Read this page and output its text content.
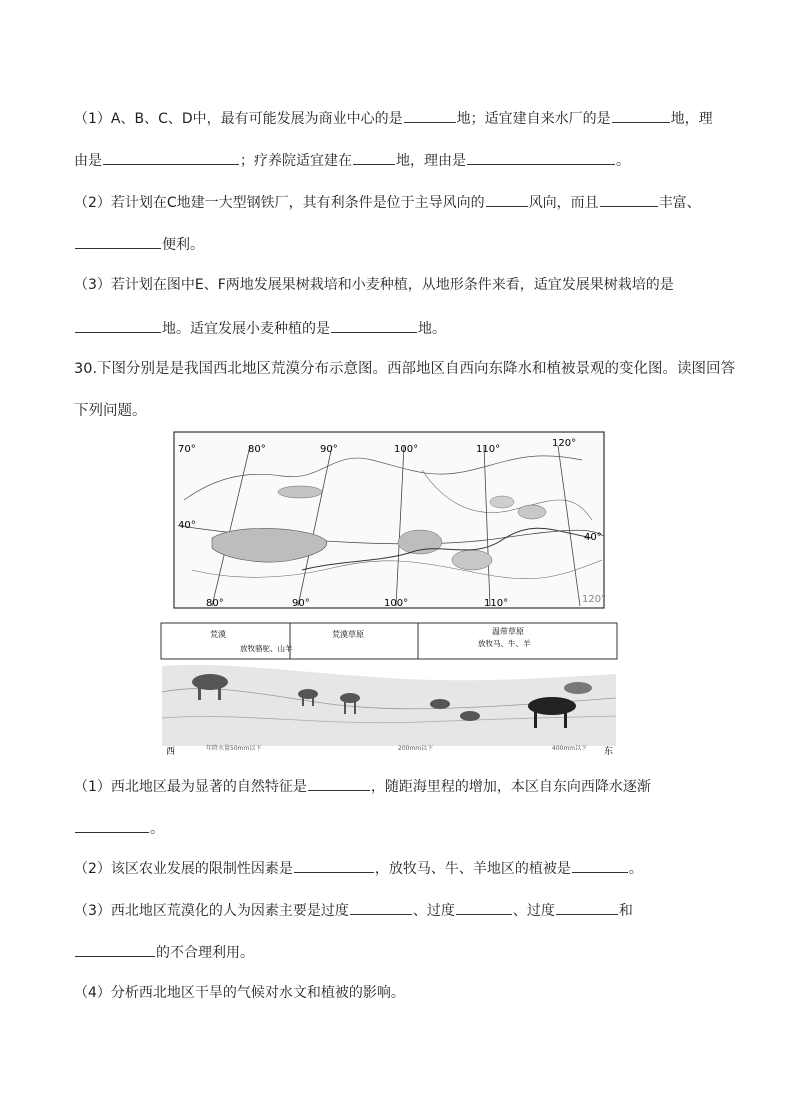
（1）A、B、C、D中，最有可能发展为商业中心的是	地；适宜建自来水厂的是	地，理
由是	；疗养院适宜建在	地，理由是	。
（2）若计划在C地建一大型钢铁厂，其有利条件是位于主导风向的	风向，而且	丰富、
便利。
（3）若计划在图中E、F两地发展果树栽培和小麦种植，从地形条件来看，适宜发展果树栽培的是
地。适宜发展小麦种植的是	地。
30.下图分别是是我国西北地区荒漠分布示意图。西部地区自西向东降水和植被景观的变化图。读图回答
下列问题。
70°	80°	90°	100°	110°
120°
80°	90°	100°	110°	120°
40°
40°
荒漠	荒漠草原
放牧骆驼、山羊
温带草原
放牧马、牛、羊
西	东
年降水量50mm以下	200mm以下	400mm以下
（1）西北地区最为显著的自然特征是	，随距海里程的增加，本区自东向西降水逐渐
。
（2）该区农业发展的限制性因素是	，放牧马、牛、羊地区的植被是	。
（3）西北地区荒漠化的人为因素主要是过度	、过度	、过度	和
的不合理利用。
（4）分析西北地区干旱的气候对水文和植被的影响。
